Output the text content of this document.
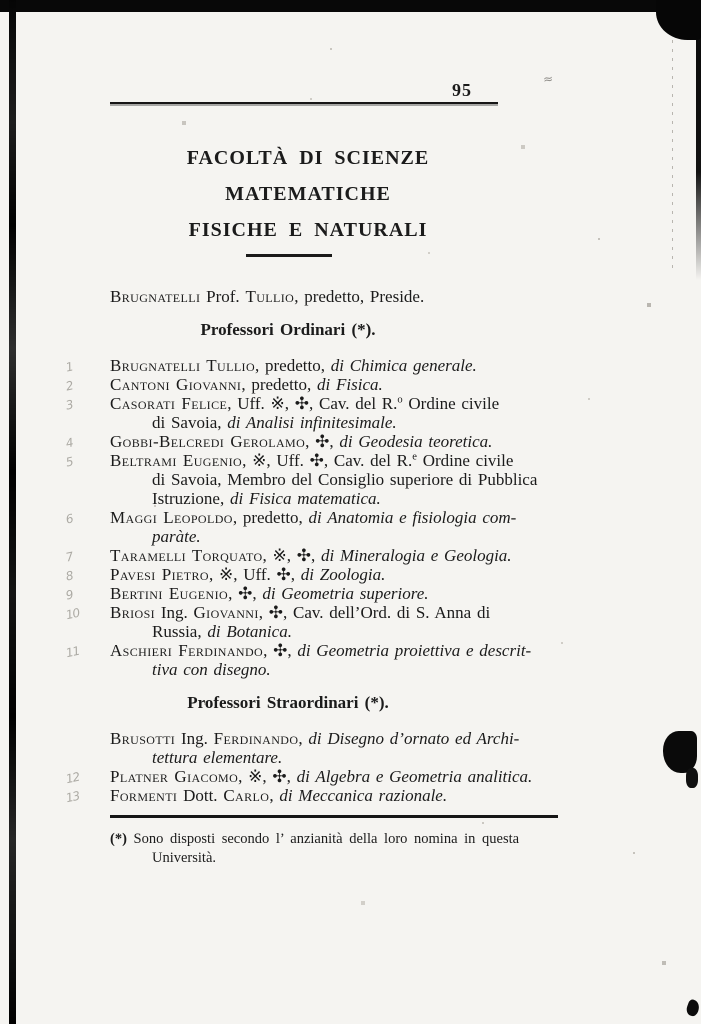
≈
95
FACOLTÀ DI SCIENZE MATEMATICHE
FISICHE E NATURALI
Brugnatelli Prof. Tullio, predetto, Preside.
Professori Ordinari (*).
1 Brugnatelli Tullio, predetto, di Chimica generale.
2 Cantoni Giovanni, predetto, di Fisica.
3 Casorati Felice, Uff. ※, ✣, Cav. del R.$^o$ Ordine civile
di Savoia, di Analisi infinitesimale.
4 Gobbi-Belcredi Gerolamo, ✣, di Geodesia teoretica.
5 Beltrami Eugenio, ※, Uff. ✣, Cav. del R.$^e$ Ordine civile
di Savoia, Membro del Consiglio superiore di Pubblica
Istruzione, di Fisica matematica.
6 Maggi Leopoldo, predetto, di Anatomia e fisiologia com-
paràte.
7 Taramelli Torquato, ※, ✣, di Mineralogia e Geologia.
8 Pavesi Pietro, ※, Uff. ✣, di Zoologia.
9 Bertini Eugenio, ✣, di Geometria superiore.
10 Briosi Ing. Giovanni, ✣, Cav. dell’Ord. di S. Anna di
Russia, di Botanica.
11 Aschieri Ferdinando, ✣, di Geometria proiettiva e descrit-
tiva con disegno.
Professori Straordinari (*).
Brusotti Ing. Ferdinando, di Disegno d’ornato ed Archi-
tettura elementare.
12 Platner Giacomo, ※, ✣, di Algebra e Geometria analitica.
13 Formenti Dott. Carlo, di Meccanica razionale.
(*) Sono disposti secondo l’ anzianità della loro nomina in questa
Università.
